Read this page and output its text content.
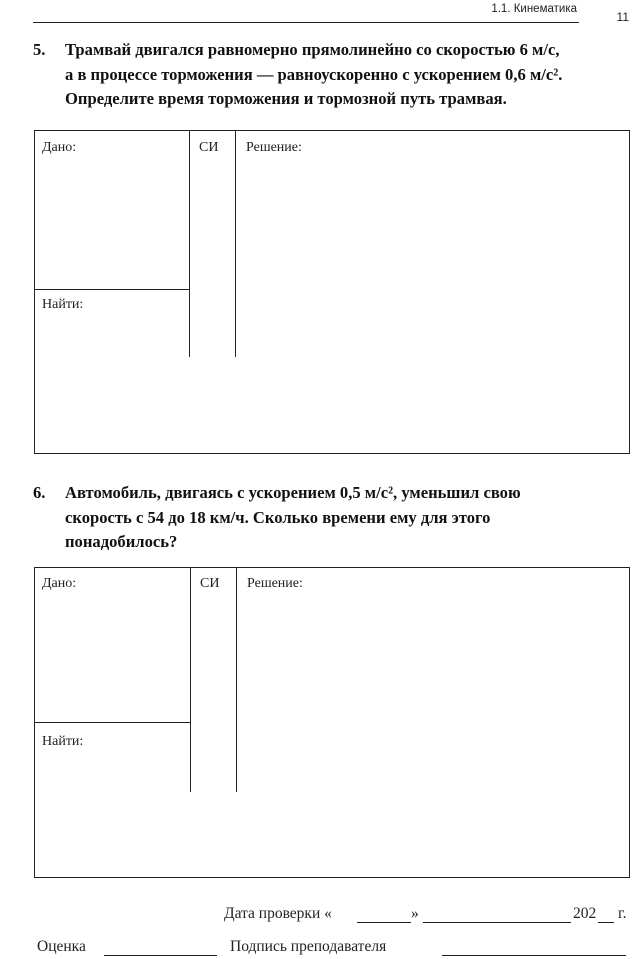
1.1. Кинематика
11

5. Трамвай двигался равномерно прямолинейно со скоростью 6 м/с,
а в процессе торможения — равноускоренно с ускорением 0,6 м/с².
Определите время торможения и тормозной путь трамвая.

Дано:	СИ Решение:
Найти:

6. Автомобиль, двигаясь с ускорением 0,5 м/с², уменьшил свою
скорость с 54 до 18 км/ч. Сколько времени ему для этого
понадобилось?

Дано:	СИ Решение:
Найти:
Дата проверки «	»	202 г.
Оценка	Подпись преподавателя
